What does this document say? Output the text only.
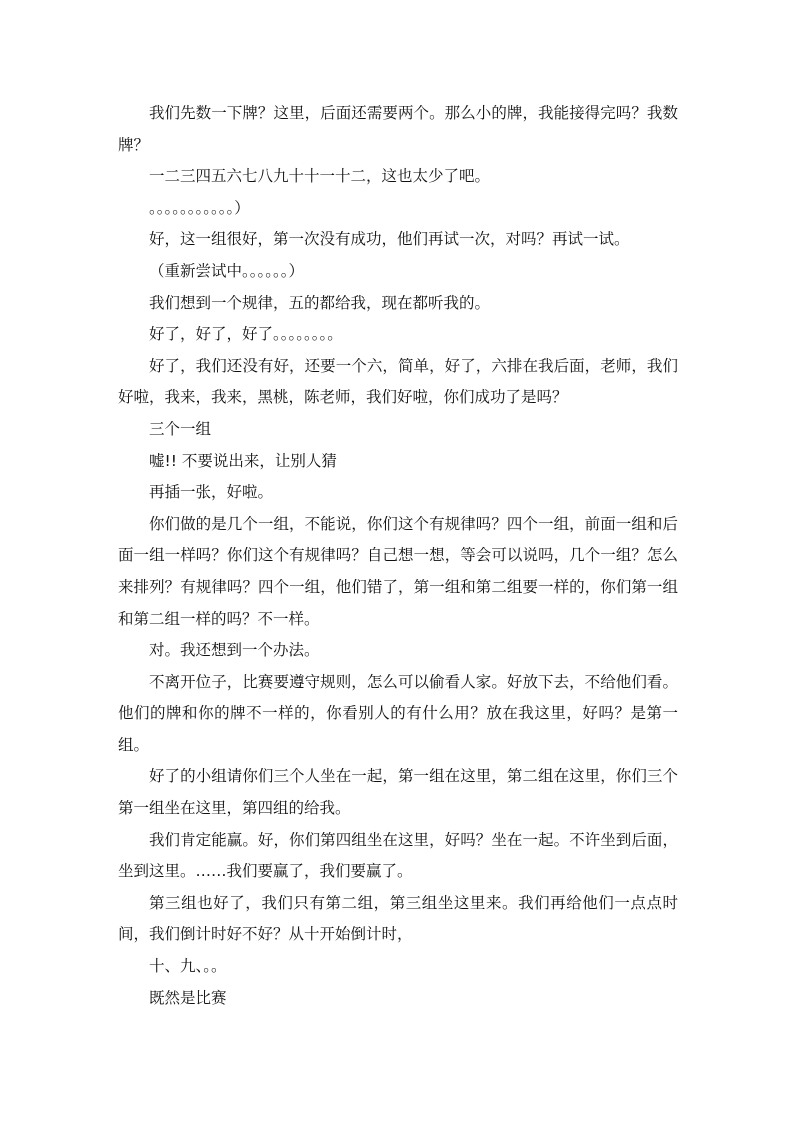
我们先数一下牌？这里，后面还需要两个。那么小的牌，我能接得完吗？我数牌？

一二三四五六七八九十十一十二，这也太少了吧。

。。。。。。。。。。。）

好，这一组很好，第一次没有成功，他们再试一次，对吗？再试一试。

（重新尝试中。。。。。。）

我们想到一个规律，五的都给我，现在都听我的。

好了，好了，好了。。。。。。。。

好了，我们还没有好，还要一个六，简单，好了，六排在我后面，老师，我们好啦，我来，我来，黑桃，陈老师，我们好啦，你们成功了是吗？

三个一组

嘘!! 不要说出来，让别人猜

再插一张，好啦。

你们做的是几个一组，不能说，你们这个有规律吗？四个一组，前面一组和后面一组一样吗？你们这个有规律吗？自己想一想，等会可以说吗，几个一组？怎么来排列？有规律吗？四个一组，他们错了，第一组和第二组要一样的，你们第一组和第二组一样的吗？不一样。

对。我还想到一个办法。

不离开位子，比赛要遵守规则，怎么可以偷看人家。好放下去，不给他们看。他们的牌和你的牌不一样的，你看别人的有什么用？放在我这里，好吗？是第一组。

好了的小组请你们三个人坐在一起，第一组在这里，第二组在这里，你们三个第一组坐在这里，第四组的给我。

我们肯定能赢。好，你们第四组坐在这里，好吗？坐在一起。不许坐到后面，坐到这里。……我们要赢了，我们要赢了。

第三组也好了，我们只有第二组，第三组坐这里来。我们再给他们一点点时间，我们倒计时好不好？从十开始倒计时，

十、九、。。

既然是比赛
